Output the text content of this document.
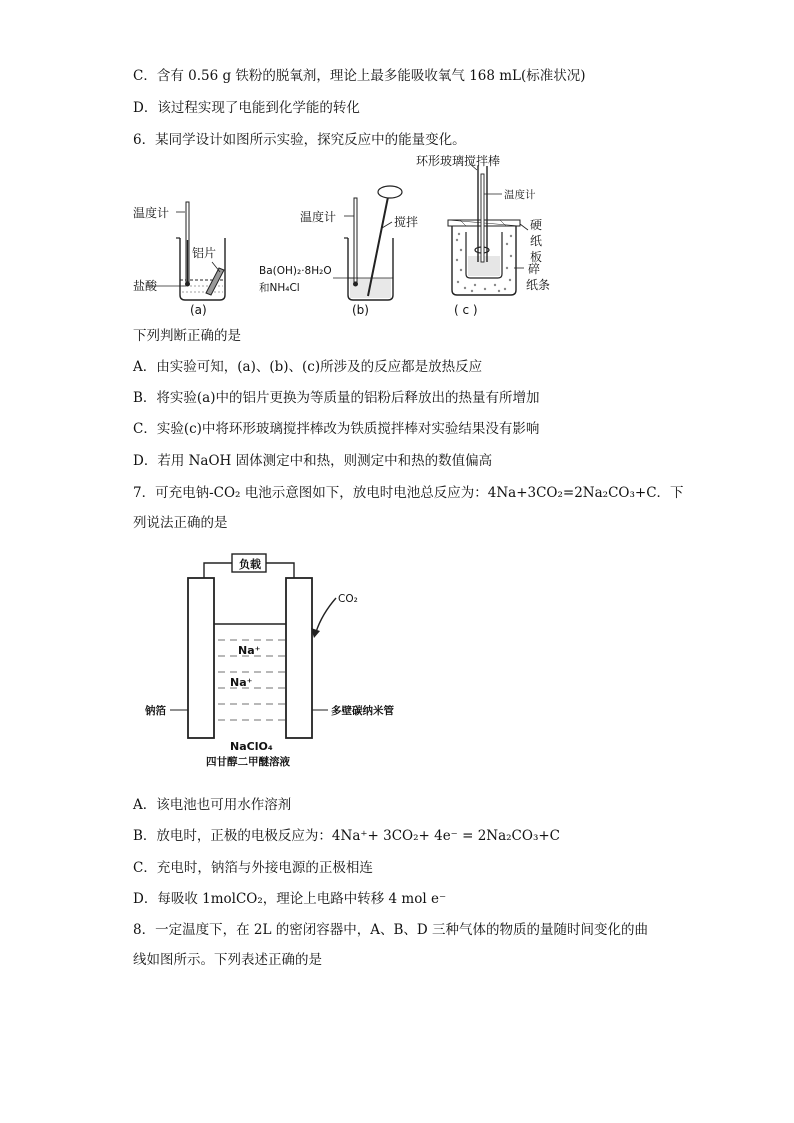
C．含有 0.56 g 铁粉的脱氧剂，理论上最多能吸收氧气 168 mL(标准状况)
D．该过程实现了电能到化学能的转化
6．某同学设计如图所示实验，探究反应中的能量变化。
温度计
铝片
盐酸
(a)
温度计	搅拌
Ba(OH)₂·8H₂O
和NH₄Cl
(b)
环形玻璃搅拌棒
温度计
硬
纸
板
碎
纸条
( c )
下列判断正确的是
A．由实验可知，(a)、(b)、(c)所涉及的反应都是放热反应
B．将实验(a)中的铝片更换为等质量的铝粉后释放出的热量有所增加
C．实验(c)中将环形玻璃搅拌棒改为铁质搅拌棒对实验结果没有影响
D．若用 NaOH 固体测定中和热，则测定中和热的数值偏高
7．可充电钠-CO₂ 电池示意图如下，放电时电池总反应为：4Na+3CO₂=2Na₂CO₃+C．下
列说法正确的是
负载
Na⁺
Na⁺
CO₂
钠箔	多壁碳纳米管
NaClO₄
四甘醇二甲醚溶液
A．该电池也可用水作溶剂
B．放电时，正极的电极反应为：4Na⁺+ 3CO₂+ 4e⁻ = 2Na₂CO₃+C
C．充电时，钠箔与外接电源的正极相连
D．每吸收 1molCO₂，理论上电路中转移 4 mol e⁻
8．一定温度下，在 2L 的密闭容器中，A、B、D 三种气体的物质的量随时间变化的曲
线如图所示。下列表述正确的是
